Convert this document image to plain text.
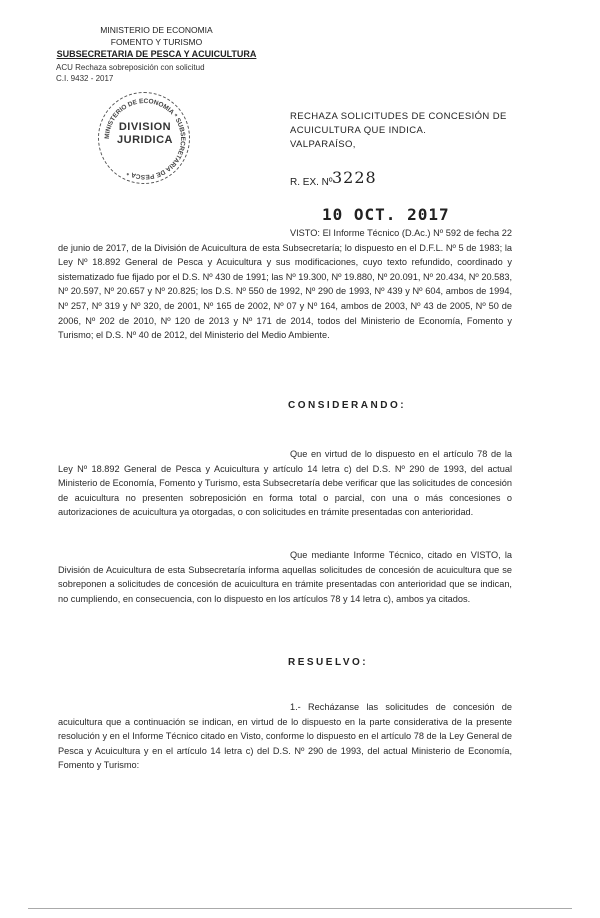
MINISTERIO DE ECONOMIA
FOMENTO Y TURISMO
SUBSECRETARIA DE PESCA Y ACUICULTURA
ACU Rechaza sobreposición con solicitud
C.I. 9432 - 2017
MINISTERIO DE ECONOMIA * SUBSECRETARIA DE PESCA *
DIVISION
JURIDICA
RECHAZA SOLICITUDES DE CONCESIÓN DE
ACUICULTURA QUE INDICA.
VALPARAÍSO,
R. EX. Nº 3228
10 OCT. 2017
VISTO: El Informe Técnico (D.Ac.) Nº 592 de fecha 22 de junio de 2017, de la División de Acuicultura de esta Subsecretaría; lo dispuesto en el D.F.L. Nº 5 de 1983; la Ley Nº 18.892 General de Pesca y Acuicultura y sus modificaciones, cuyo texto refundido, coordinado y sistematizado fue fijado por el D.S. Nº 430 de 1991; las Nº 19.300, Nº 19.880, Nº 20.091, Nº 20.434, Nº 20.583, Nº 20.597, Nº 20.657 y Nº 20.825; los D.S. Nº 550 de 1992, Nº 290 de 1993, Nº 439 y Nº 604, ambos de 1994, Nº 257, Nº 319 y Nº 320, de 2001, Nº 165 de 2002, Nº 07 y Nº 164, ambos de 2003, Nº 43 de 2005, Nº 50 de 2006, Nº 202 de 2010, Nº 120 de 2013 y Nº 171 de 2014, todos del Ministerio de Economía, Fomento y Turismo; el D.S. Nº 40 de 2012, del Ministerio del Medio Ambiente.
CONSIDERANDO:
Que en virtud de lo dispuesto en el artículo 78 de la Ley Nº 18.892 General de Pesca y Acuicultura y artículo 14 letra c) del D.S. Nº 290 de 1993, del actual Ministerio de Economía, Fomento y Turismo, esta Subsecretaría debe verificar que las solicitudes de concesión de acuicultura no presenten sobreposición en forma total o parcial, con una o más concesiones o autorizaciones de acuicultura ya otorgadas, o con solicitudes en trámite presentadas con anterioridad.
Que mediante Informe Técnico, citado en VISTO, la División de Acuicultura de esta Subsecretaría informa aquellas solicitudes de concesión de acuicultura que se sobreponen a solicitudes de concesión de acuicultura en trámite presentadas con anterioridad que se indican, no cumpliendo, en consecuencia, con lo dispuesto en los artículos 78 y 14 letra c), ambos ya citados.
RESUELVO:
1.- Recházanse las solicitudes de concesión de acuicultura que a continuación se indican, en virtud de lo dispuesto en la parte considerativa de la presente resolución y en el Informe Técnico citado en Visto, conforme lo dispuesto en el artículo 78 de la Ley General de Pesca y Acuicultura y en el artículo 14 letra c) del D.S. Nº 290 de 1993, del actual Ministerio de Economía, Fomento y Turismo:
